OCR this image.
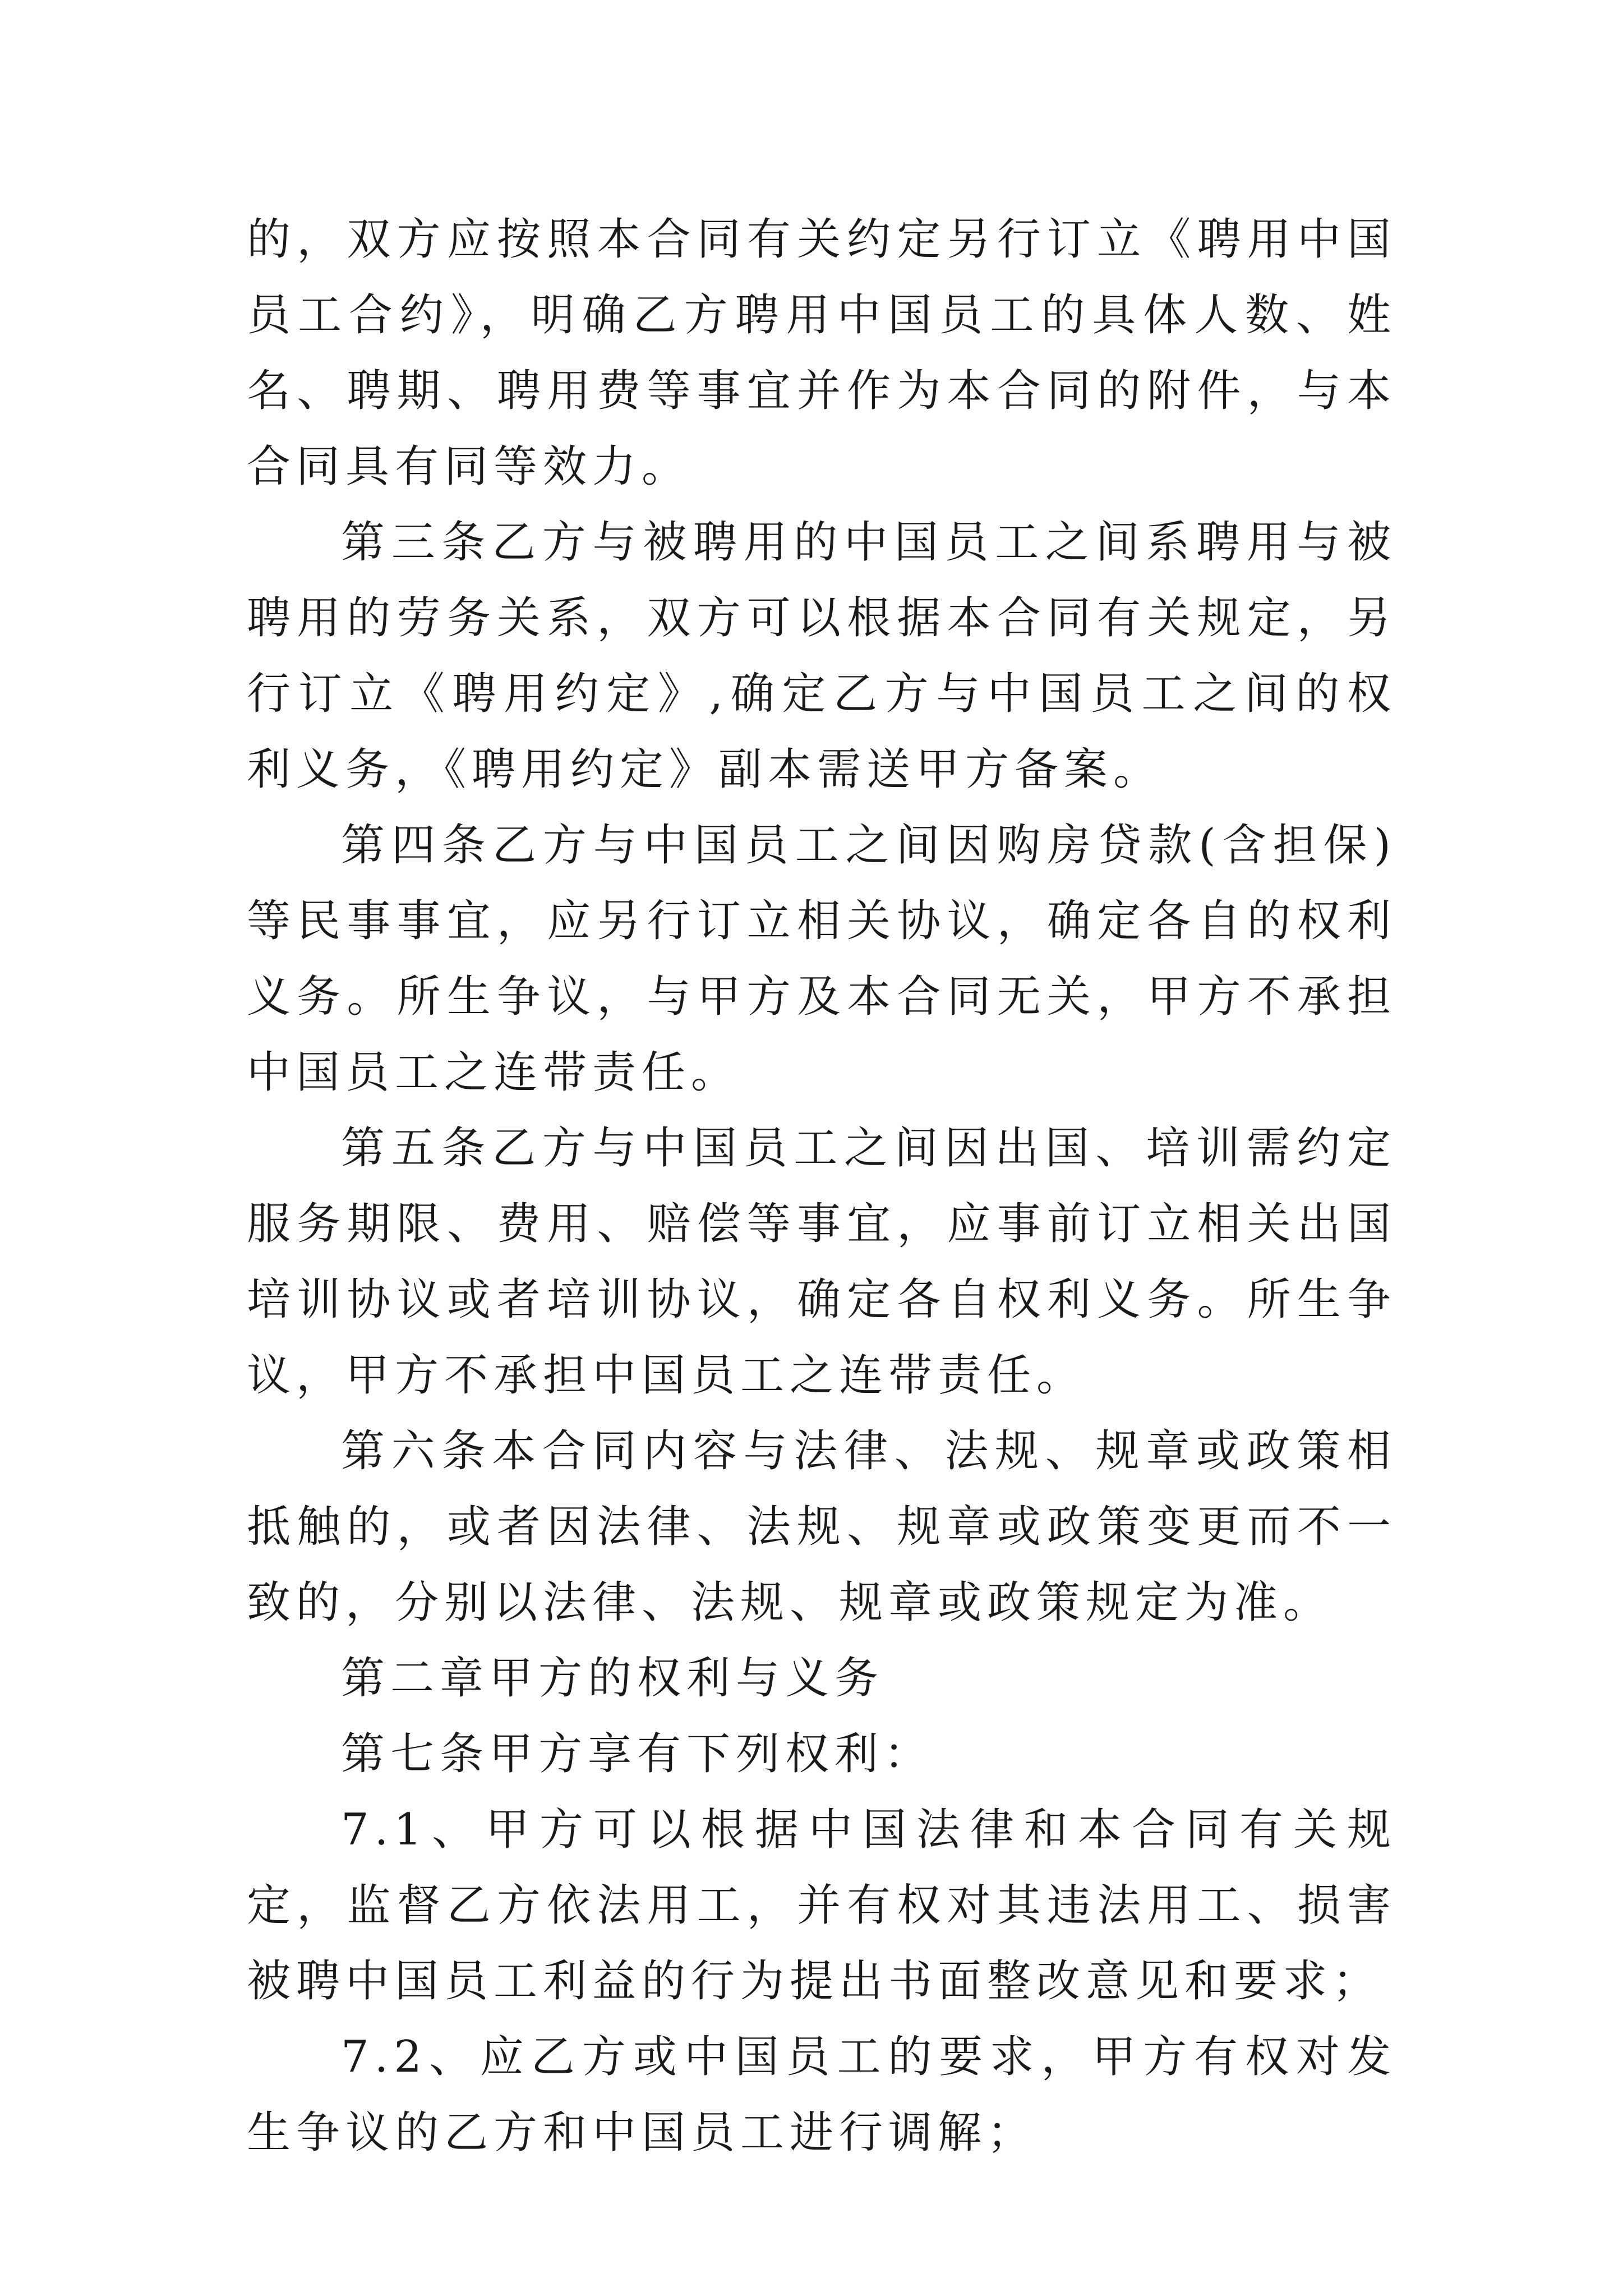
的，双方应按照本合同有关约定另行订立《聘用中国员工合约》，明确乙方聘用中国员工的具体人数、姓名、聘期、聘用费等事宜并作为本合同的附件，与本合同具有同等效力。

第三条乙方与被聘用的中国员工之间系聘用与被聘用的劳务关系，双方可以根据本合同有关规定，另行订立《聘用约定》,确定乙方与中国员工之间的权利义务，《聘用约定》副本需送甲方备案。

第四条乙方与中国员工之间因购房贷款(含担保)等民事事宜，应另行订立相关协议，确定各自的权利义务。所生争议，与甲方及本合同无关，甲方不承担中国员工之连带责任。

第五条乙方与中国员工之间因出国、培训需约定服务期限、费用、赔偿等事宜，应事前订立相关出国培训协议或者培训协议，确定各自权利义务。所生争议，甲方不承担中国员工之连带责任。

第六条本合同内容与法律、法规、规章或政策相抵触的，或者因法律、法规、规章或政策变更而不一致的，分别以法律、法规、规章或政策规定为准。

第二章甲方的权利与义务

第七条甲方享有下列权利：

7.1、甲方可以根据中国法律和本合同有关规定，监督乙方依法用工，并有权对其违法用工、损害被聘中国员工利益的行为提出书面整改意见和要求；

7.2、应乙方或中国员工的要求，甲方有权对发生争议的乙方和中国员工进行调解；
